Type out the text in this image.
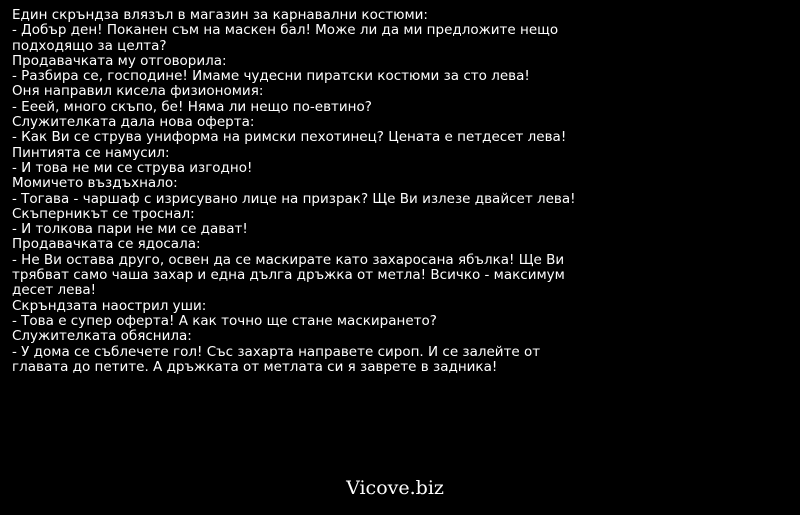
Един скръндза влязъл в магазин за карнавални костюми:
- Добър ден! Поканен съм на маскен бал! Може ли да ми предложите нещо подходящо за целта?
Продавачката му отговорила:
- Разбира се, господине! Имаме чудесни пиратски костюми за сто лева!
Оня направил кисела физиономия:
- Ееей, много скъпо, бе! Няма ли нещо по-евтино?
Служителката дала нова оферта:
- Как Ви се струва униформа на римски пехотинец? Цената е петдесет лева!
Пинтията се намусил:
- И това не ми се струва изгодно!
Момичето въздъхнало:
- Тогава - чаршаф с изрисувано лице на призрак? Ще Ви излезе двайсет лева!
Скъперникът се троснал:
- И толкова пари не ми се дават!
Продавачката се ядосала:
- Не Ви остава друго, освен да се маскирате като захаросана ябълка! Ще Ви трябват само чаша захар и една дълга дръжка от метла! Всичко - максимум десет лева!
Скръндзата наострил уши:
- Това е супер оферта! А как точно ще стане маскирането?
Служителката обяснила:
- У дома се съблечете гол! Със захарта направете сироп. И се залейте от главата до петите. А дръжката от метлата си я заврете в задника!
Vicove.biz
